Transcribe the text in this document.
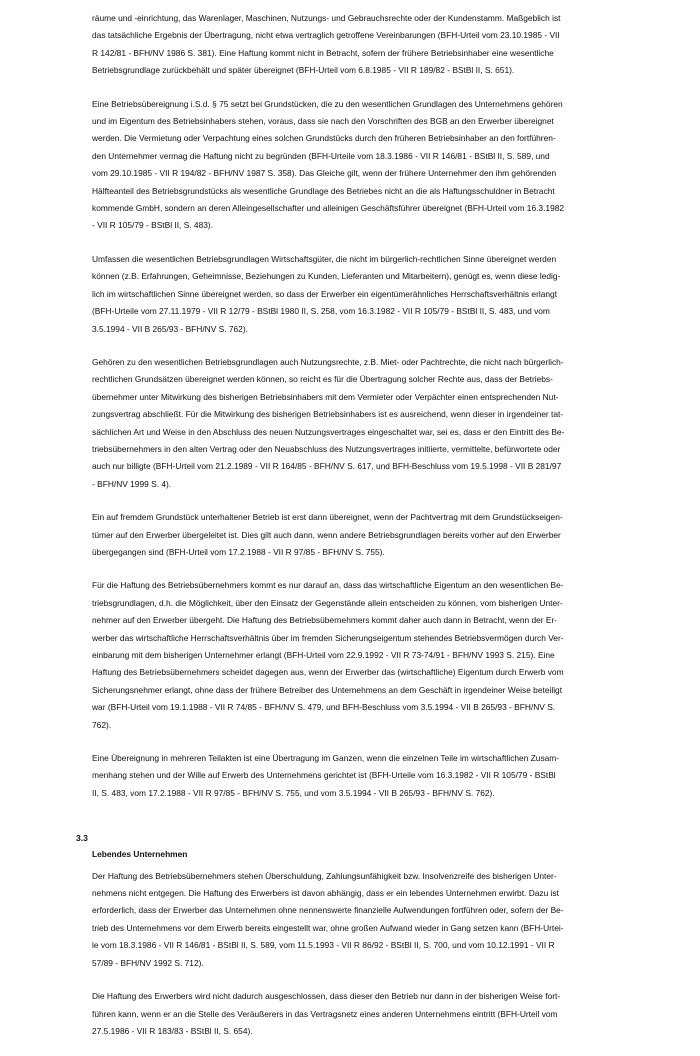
räume und -einrichtung, das Warenlager, Maschinen, Nutzungs- und Gebrauchsrechte oder der Kundenstamm. Maßgeblich ist
das tatsächliche Ergebnis der Übertragung, nicht etwa vertraglich getroffene Vereinbarungen (BFH-Urteil vom 23.10.1985 - VII
R 142/81 - BFH/NV 1986 S. 381). Eine Haftung kommt nicht in Betracht, sofern der frühere Betriebsinhaber eine wesentliche
Betriebsgrundlage zurückbehält und später übereignet (BFH-Urteil vom 6.8.1985 - VII R 189/82 - BStBl II, S. 651).

Eine Betriebsübereignung i.S.d. § 75 setzt bei Grundstücken, die zu den wesentlichen Grundlagen des Unternehmens gehören
und im Eigentum des Betriebsinhabers stehen, voraus, dass sie nach den Vorschriften des BGB an den Erwerber übereignet
werden. Die Vermietung oder Verpachtung eines solchen Grundstücks durch den früheren Betriebsinhaber an den fortführen-
den Unternehmer vermag die Haftung nicht zu begründen (BFH-Urteile vom 18.3.1986 - VII R 146/81 - BStBl II, S. 589, und
vom 29.10.1985 - VII R 194/82 - BFH/NV 1987 S. 358). Das Gleiche gilt, wenn der frühere Unternehmer den ihm gehörenden
Hälfteanteil des Betriebsgrundstücks als wesentliche Grundlage des Betriebes nicht an die als Haftungsschuldner in Betracht
kommende GmbH, sondern an deren Alleingesellschafter und alleinigen Geschäftsführer übereignet (BFH-Urteil vom 16.3.1982
- VII R 105/79 - BStBl II, S. 483).

Umfassen die wesentlichen Betriebsgrundlagen Wirtschaftsgüter, die nicht im bürgerlich-rechtlichen Sinne übereignet werden
können (z.B. Erfahrungen, Geheimnisse, Beziehungen zu Kunden, Lieferanten und Mitarbeitern), genügt es, wenn diese ledig-
lich im wirtschaftlichen Sinne übereignet werden, so dass der Erwerber ein eigentümerähnliches Herrschaftsverhältnis erlangt
(BFH-Urteile vom 27.11.1979 - VII R 12/79 - BStBl 1980 II, S. 258, vom 16.3.1982 - VII R 105/79 - BStBl II, S. 483, und vom
3.5.1994 - VII B 265/93 - BFH/NV S. 762).

Gehören zu den wesentlichen Betriebsgrundlagen auch Nutzungsrechte, z.B. Miet- oder Pachtrechte, die nicht nach bürgerlich-
rechtlichen Grundsätzen übereignet werden können, so reicht es für die Übertragung solcher Rechte aus, dass der Betriebs-
übernehmer unter Mitwirkung des bisherigen Betriebsinhabers mit dem Vermieter oder Verpächter einen entsprechenden Nut-
zungsvertrag abschließt. Für die Mitwirkung des bisherigen Betriebsinhabers ist es ausreichend, wenn dieser in irgendeiner tat-
sächlichen Art und Weise in den Abschluss des neuen Nutzungsvertrages eingeschaltet war, sei es, dass er den Eintritt des Be-
triebsübernehmers in den alten Vertrag oder den Neuabschluss des Nutzungsvertrages initiierte, vermittelte, befürwortete oder
auch nur billigte (BFH-Urteil vom 21.2.1989 - VII R 164/85 - BFH/NV S. 617, und BFH-Beschluss vom 19.5.1998 - VII B 281/97
- BFH/NV 1999 S. 4).

Ein auf fremdem Grundstück unterhaltener Betrieb ist erst dann übereignet, wenn der Pachtvertrag mit dem Grundstückseigen-
tümer auf den Erwerber übergeleitet ist. Dies gilt auch dann, wenn andere Betriebsgrundlagen bereits vorher auf den Erwerber
übergegangen sind (BFH-Urteil vom 17.2.1988 - VII R 97/85 - BFH/NV S. 755).

Für die Haftung des Betriebsübernehmers kommt es nur darauf an, dass das wirtschaftliche Eigentum an den wesentlichen Be-
triebsgrundlagen, d.h. die Möglichkeit, über den Einsatz der Gegenstände allein entscheiden zu können, vom bisherigen Unter-
nehmer auf den Erwerber übergeht. Die Haftung des Betriebsübernehmers kommt daher auch dann in Betracht, wenn der Er-
werber das wirtschaftliche Herrschaftsverhältnis über im fremden Sicherungseigentum stehendes Betriebsvermögen durch Ver-
einbarung mit dem bisherigen Unternehmer erlangt (BFH-Urteil vom 22.9.1992 - VII R 73-74/91 - BFH/NV 1993 S. 215). Eine
Haftung des Betriebsübernehmers scheidet dagegen aus, wenn der Erwerber das (wirtschaftliche) Eigentum durch Erwerb vom
Sicherungsnehmer erlangt, ohne dass der frühere Betreiber des Unternehmens an dem Geschäft in irgendeiner Weise beteiligt
war (BFH-Urteil vom 19.1.1988 - VII R 74/85 - BFH/NV S. 479, und BFH-Beschluss vom 3.5.1994 - VII B 265/93 - BFH/NV S.
762).

Eine Übereignung in mehreren Teilakten ist eine Übertragung im Ganzen, wenn die einzelnen Teile im wirtschaftlichen Zusam-
menhang stehen und der Wille auf Erwerb des Unternehmens gerichtet ist (BFH-Urteile vom 16.3.1982 - VII R 105/79 - BStBl
II, S. 483, vom 17.2.1988 - VII R 97/85 - BFH/NV S. 755, und vom 3.5.1994 - VII B 265/93 - BFH/NV S. 762).

Lebendes Unternehmen

Der Haftung des Betriebsübernehmers stehen Überschuldung, Zahlungsunfähigkeit bzw. Insolvenzreife des bisherigen Unter-
nehmens nicht entgegen. Die Haftung des Erwerbers ist davon abhängig, dass er ein lebendes Unternehmen erwirbt. Dazu ist
erforderlich, dass der Erwerber das Unternehmen ohne nennenswerte finanzielle Aufwendungen fortführen oder, sofern der Be-
trieb des Unternehmens vor dem Erwerb bereits eingestellt war, ohne großen Aufwand wieder in Gang setzen kann (BFH-Urtei-
le vom 18.3.1986 - VII R 146/81 - BStBl II, S. 589, vom 11.5.1993 - VII R 86/92 - BStBl II, S. 700, und vom 10.12.1991 - VII R
57/89 - BFH/NV 1992 S. 712).

Die Haftung des Erwerbers wird nicht dadurch ausgeschlossen, dass dieser den Betrieb nur dann in der bisherigen Weise fort-
führen kann, wenn er an die Stelle des Veräußerers in das Vertragsnetz eines anderen Unternehmens eintritt (BFH-Urteil vom
27.5.1986 - VII R 183/83 - BStBl II, S. 654).

3.3
